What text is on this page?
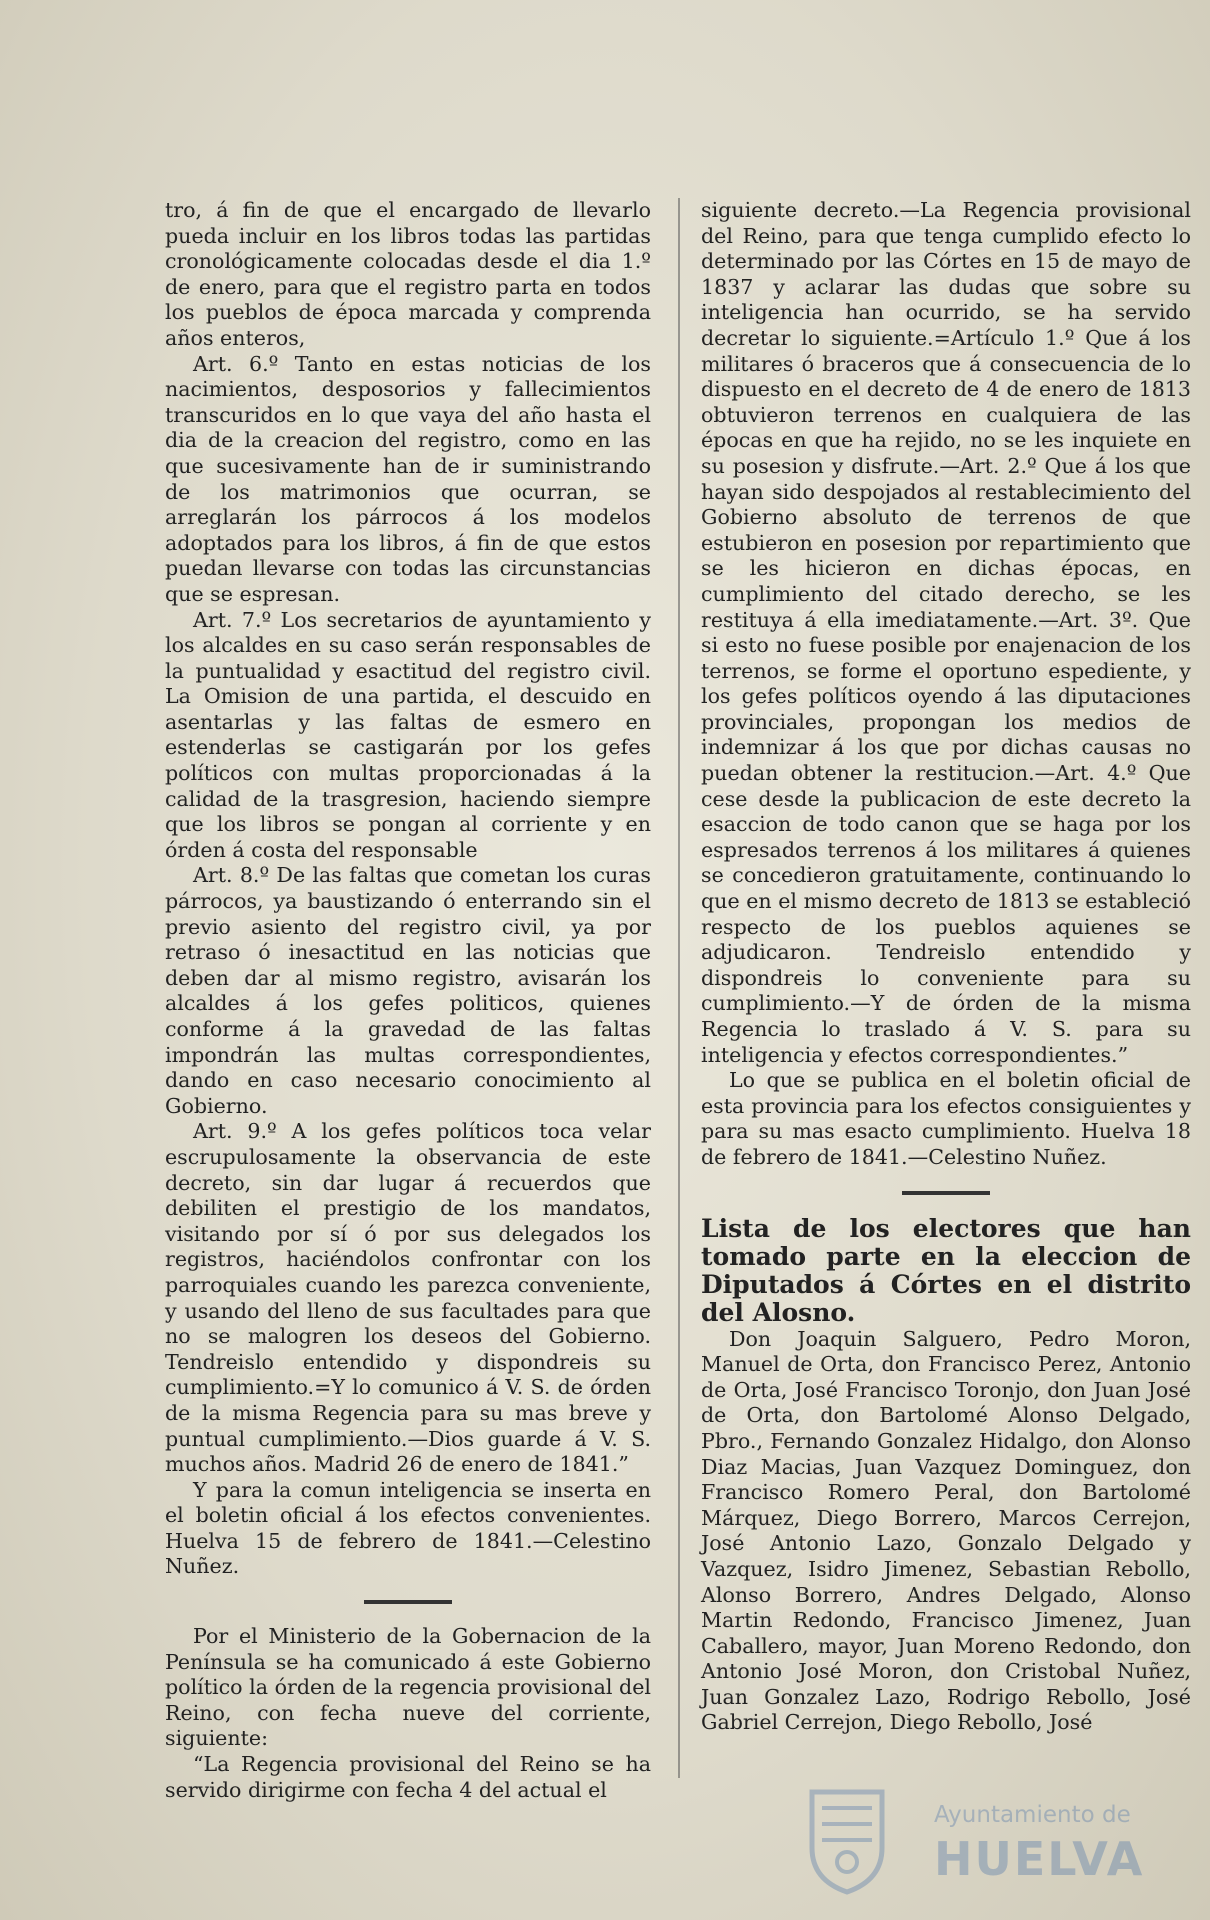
tro, á fin de que el encargado de llevarlo pueda incluir en los libros todas las partidas cronológicamente colocadas desde el dia 1.º de enero, para que el registro parta en todos los pueblos de época marcada y comprenda años enteros,

Art. 6.º Tanto en estas noticias de los nacimientos, desposorios y fallecimientos transcuridos en lo que vaya del año hasta el dia de la creacion del registro, como en las que sucesivamente han de ir suministrando de los matrimonios que ocurran, se arreglarán los párrocos á los modelos adoptados para los libros, á fin de que estos puedan llevarse con todas las circunstancias que se espresan.

Art. 7.º Los secretarios de ayuntamiento y los alcaldes en su caso serán responsables de la puntualidad y esactitud del registro civil. La Omision de una partida, el descuido en asentarlas y las faltas de esmero en estenderlas se castigarán por los gefes políticos con multas proporcionadas á la calidad de la trasgresion, haciendo siempre que los libros se pongan al corriente y en órden á costa del responsable

Art. 8.º De las faltas que cometan los curas párrocos, ya baustizando ó enterrando sin el previo asiento del registro civil, ya por retraso ó inesactitud en las noticias que deben dar al mismo registro, avisarán los alcaldes á los gefes politicos, quienes conforme á la gravedad de las faltas impondrán las multas correspondientes, dando en caso necesario conocimiento al Gobierno.

Art. 9.º A los gefes políticos toca velar escrupulosamente la observancia de este decreto, sin dar lugar á recuerdos que debiliten el prestigio de los mandatos, visitando por sí ó por sus delegados los registros, haciéndolos confrontar con los parroquiales cuando les parezca conveniente, y usando del lleno de sus facultades para que no se malogren los deseos del Gobierno. Tendreislo entendido y dispondreis su cumplimiento.=Y lo comunico á V. S. de órden de la misma Regencia para su mas breve y puntual cumplimiento.—Dios guarde á V. S. muchos años. Madrid 26 de enero de 1841.”

Y para la comun inteligencia se inserta en el boletin oficial á los efectos convenientes. Huelva 15 de febrero de 1841.—Celestino Nuñez.

Por el Ministerio de la Gobernacion de la Península se ha comunicado á este Gobierno político la órden de la regencia provisional del Reino, con fecha nueve del corriente, siguiente:

“La Regencia provisional del Reino se ha servido dirigirme con fecha 4 del actual el

siguiente decreto.—La Regencia provisional del Reino, para que tenga cumplido efecto lo determinado por las Córtes en 15 de mayo de 1837 y aclarar las dudas que sobre su inteligencia han ocurrido, se ha servido decretar lo siguiente.=Artículo 1.º Que á los militares ó braceros que á consecuencia de lo dispuesto en el decreto de 4 de enero de 1813 obtuvieron terrenos en cualquiera de las épocas en que ha rejido, no se les inquiete en su posesion y disfrute.—Art. 2.º Que á los que hayan sido despojados al restablecimiento del Gobierno absoluto de terrenos de que estubieron en posesion por repartimiento que se les hicieron en dichas épocas, en cumplimiento del citado derecho, se les restituya á ella imediatamente.—Art. 3º. Que si esto no fuese posible por enajenacion de los terrenos, se forme el oportuno espediente, y los gefes políticos oyendo á las diputaciones provinciales, propongan los medios de indemnizar á los que por dichas causas no puedan obtener la restitucion.—Art. 4.º Que cese desde la publicacion de este decreto la esaccion de todo canon que se haga por los espresados terrenos á los militares á quienes se concedieron gratuitamente, continuando lo que en el mismo decreto de 1813 se estableció respecto de los pueblos aquienes se adjudicaron. Tendreislo entendido y dispondreis lo conveniente para su cumplimiento.—Y de órden de la misma Regencia lo traslado á V. S. para su inteligencia y efectos correspondientes.”

Lo que se publica en el boletin oficial de esta provincia para los efectos consiguientes y para su mas esacto cumplimiento. Huelva 18 de febrero de 1841.—Celestino Nuñez.

Lista de los electores que han tomado parte en la eleccion de Diputados á Córtes en el distrito del Alosno.

Don Joaquin Salguero, Pedro Moron, Manuel de Orta, don Francisco Perez, Antonio de Orta, José Francisco Toronjo, don Juan José de Orta, don Bartolomé Alonso Delgado, Pbro., Fernando Gonzalez Hidalgo, don Alonso Diaz Macias, Juan Vazquez Dominguez, don Francisco Romero Peral, don Bartolomé Márquez, Diego Borrero, Marcos Cerrejon, José Antonio Lazo, Gonzalo Delgado y Vazquez, Isidro Jimenez, Sebastian Rebollo, Alonso Borrero, Andres Delgado, Alonso Martin Redondo, Francisco Jimenez, Juan Caballero, mayor, Juan Moreno Redondo, don Antonio José Moron, don Cristobal Nuñez, Juan Gonzalez Lazo, Rodrigo Rebollo, José Gabriel Cerrejon, Diego Rebollo, José

Ayuntamiento de
HUELVA
